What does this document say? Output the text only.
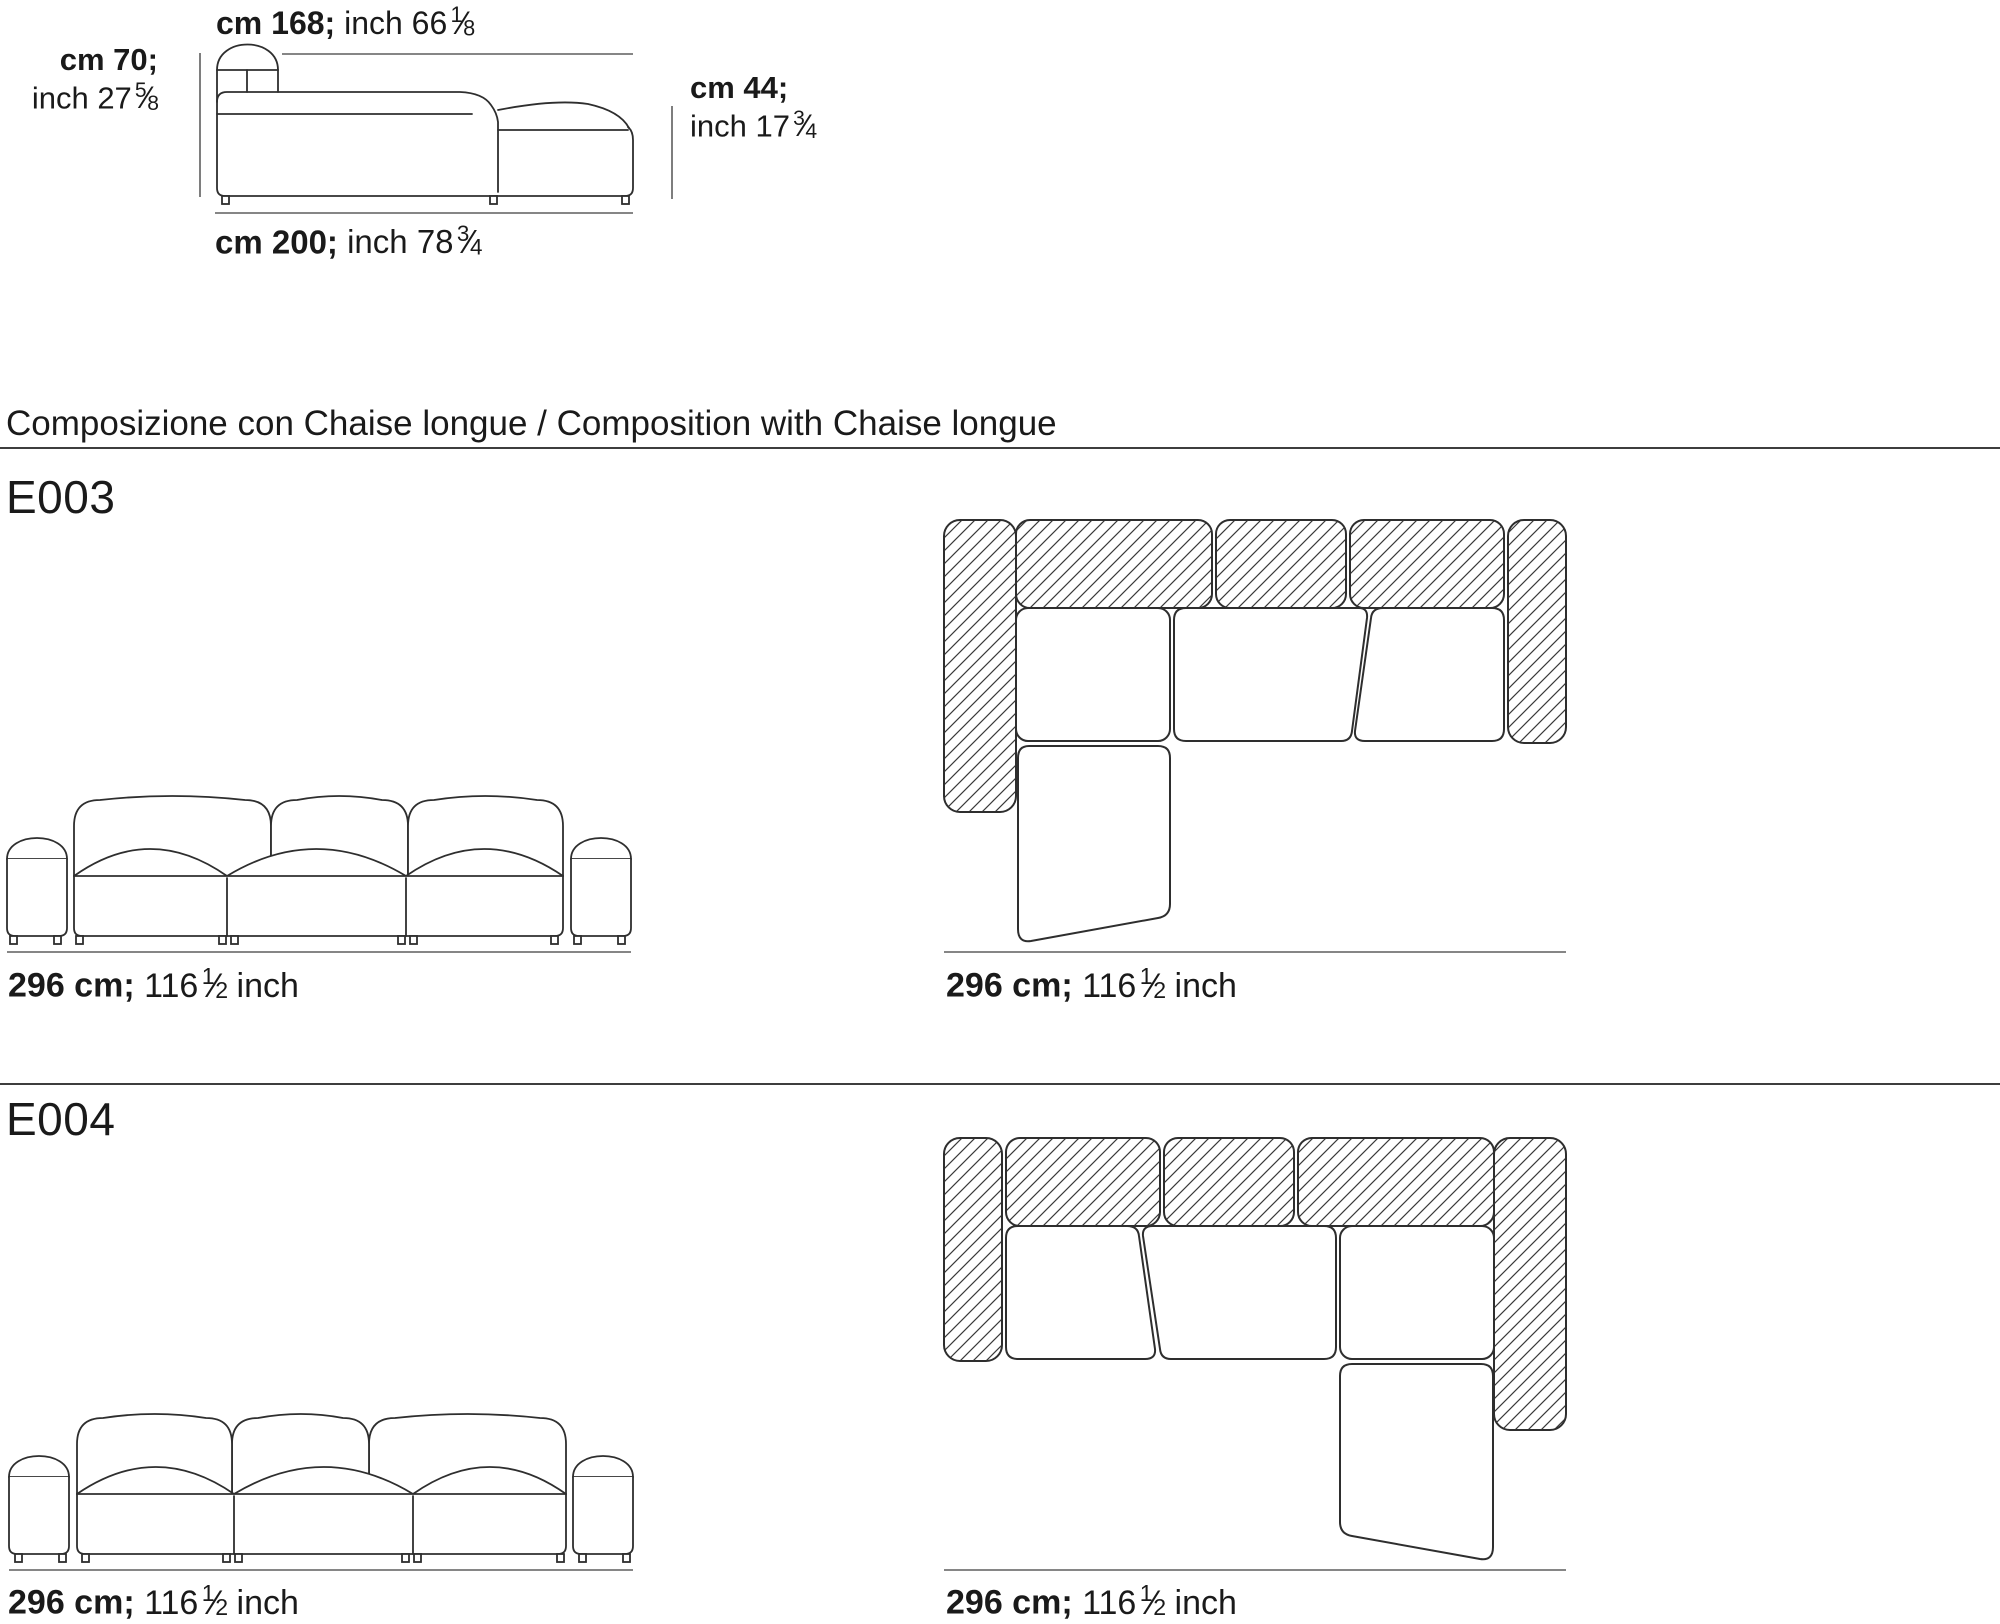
cm 168; inch 66 $^1$⁄8
cm 70;
inch 27 $^5$⁄8	cm 44;
inch 17 $^3$⁄4
cm 200; inch 78 $^3$⁄4
Composizione con Chaise longue / Composition with Chaise longue
E003
296 cm; 116 $^1$⁄2 inch	296 cm; 116 $^1$⁄2 inch
E004
296 cm; 116 $^1$⁄2 inch	296 cm; 116 $^1$⁄2 inch
